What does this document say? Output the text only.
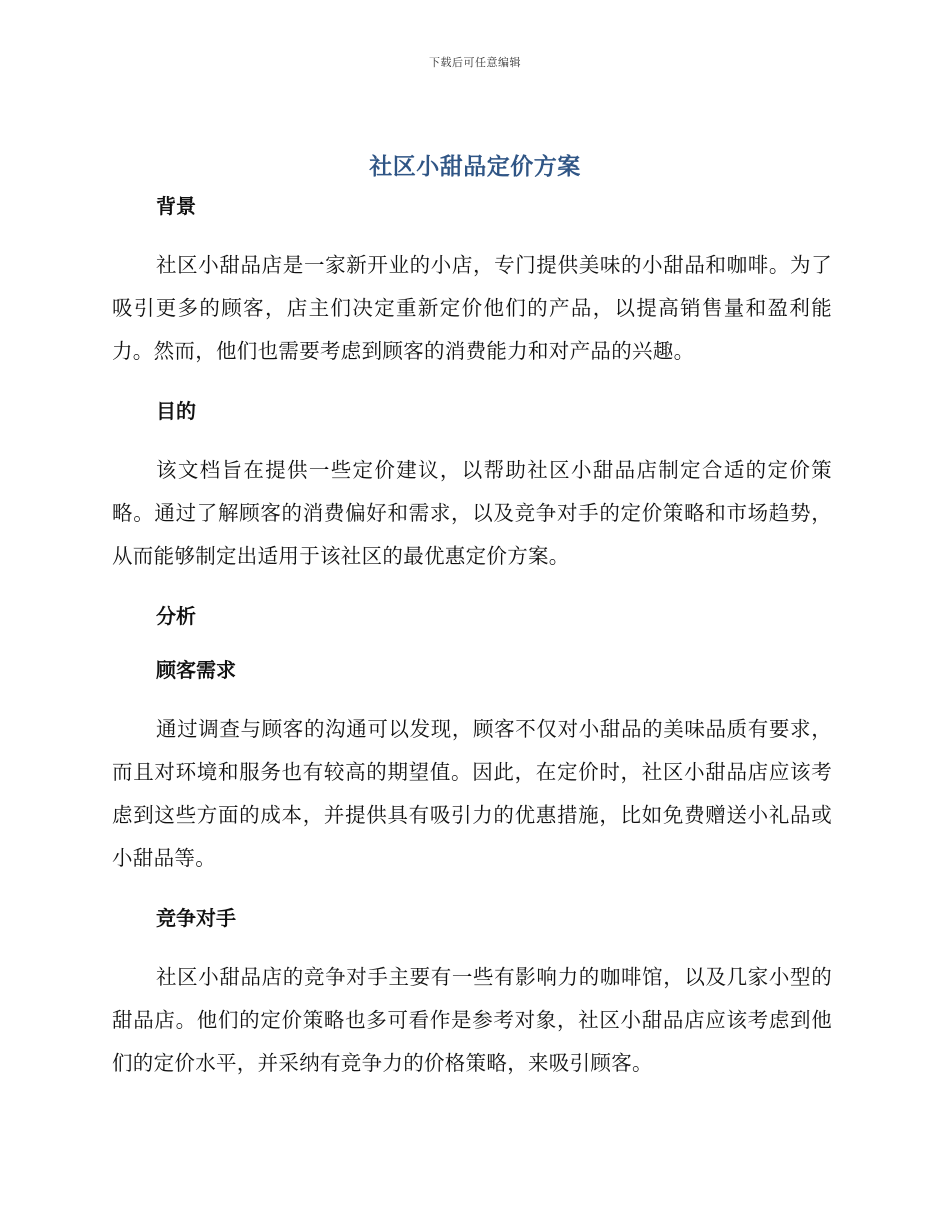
下载后可任意编辑
社区小甜品定价方案
背景

社区小甜品店是一家新开业的小店，专门提供美味的小甜品和咖啡。为了吸引更多的顾客，店主们决定重新定价他们的产品，以提高销售量和盈利能力。然而，他们也需要考虑到顾客的消费能力和对产品的兴趣。

目的

该文档旨在提供一些定价建议，以帮助社区小甜品店制定合适的定价策略。通过了解顾客的消费偏好和需求，以及竞争对手的定价策略和市场趋势，从而能够制定出适用于该社区的最优惠定价方案。

分析
顾客需求

通过调查与顾客的沟通可以发现，顾客不仅对小甜品的美味品质有要求，而且对环境和服务也有较高的期望值。因此，在定价时，社区小甜品店应该考虑到这些方面的成本，并提供具有吸引力的优惠措施，比如免费赠送小礼品或小甜品等。

竞争对手

社区小甜品店的竞争对手主要有一些有影响力的咖啡馆，以及几家小型的甜品店。他们的定价策略也多可看作是参考对象，社区小甜品店应该考虑到他们的定价水平，并采纳有竞争力的价格策略，来吸引顾客。
